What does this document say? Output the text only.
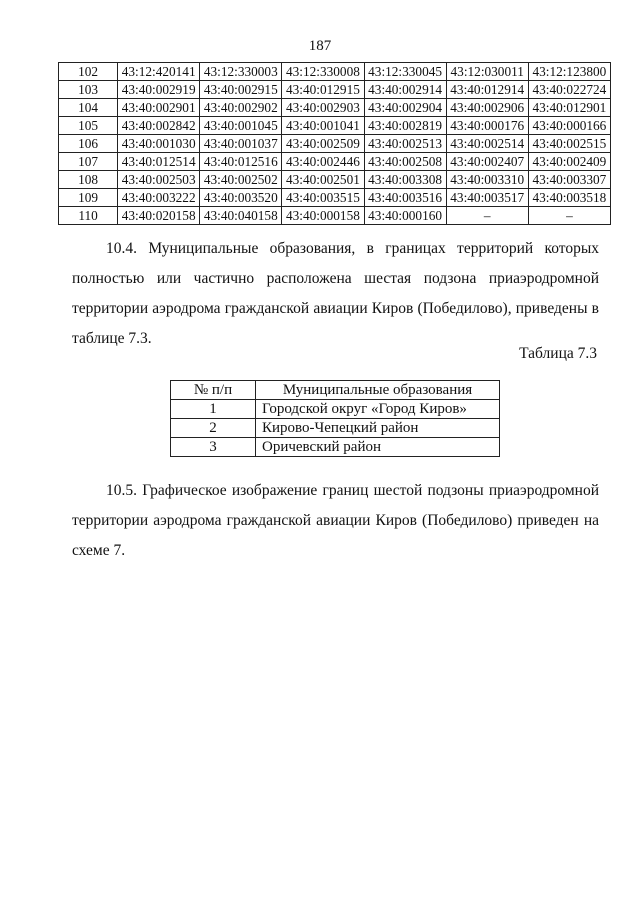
187
102	43:12:420141	43:12:330003	43:12:330008	43:12:330045	43:12:030011	43:12:123800
103	43:40:002919	43:40:002915	43:40:012915	43:40:002914	43:40:012914	43:40:022724
104	43:40:002901	43:40:002902	43:40:002903	43:40:002904	43:40:002906	43:40:012901
105	43:40:002842	43:40:001045	43:40:001041	43:40:002819	43:40:000176	43:40:000166
106	43:40:001030	43:40:001037	43:40:002509	43:40:002513	43:40:002514	43:40:002515
107	43:40:012514	43:40:012516	43:40:002446	43:40:002508	43:40:002407	43:40:002409
108	43:40:002503	43:40:002502	43:40:002501	43:40:003308	43:40:003310	43:40:003307
109	43:40:003222	43:40:003520	43:40:003515	43:40:003516	43:40:003517	43:40:003518
110	43:40:020158	43:40:040158	43:40:000158	43:40:000160	–	–

10.4. Муниципальные образования, в границах территорий которых полностью или частично расположена шестая подзона приаэродромной территории аэродрома гражданской авиации Киров (Победилово), приведены в таблице 7.3.

Таблица 7.3
№ п/п	Муниципальные образования
1	Городской округ «Город Киров»
2	Кирово-Чепецкий район
3	Оричевский район

10.5. Графическое изображение границ шестой подзоны приаэродромной территории аэродрома гражданской авиации Киров (Победилово) приведен на схеме 7.
